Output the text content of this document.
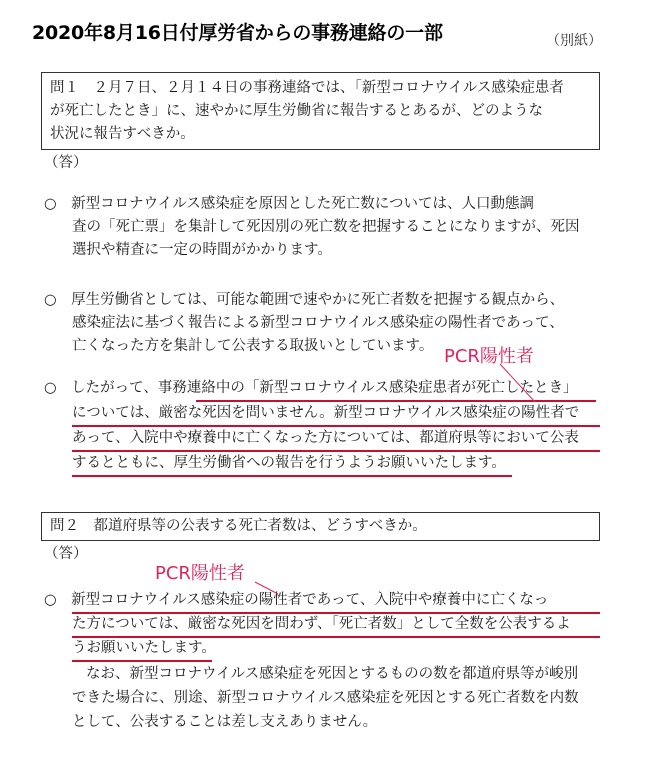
2020年8月16日付厚労省からの事務連絡の一部	（別紙）
問１　２月７日、２月１４日の事務連絡では、「新型コロナウイルス感染症患者
が死亡したとき」に、速やかに厚生労働省に報告するとあるが、どのような
状況に報告すべきか。
（答）
○　新型コロナウイルス感染症を原因とした死亡数については、人口動態調
査の「死亡票」を集計して死因別の死亡数を把握することになりますが、死因
選択や精査に一定の時間がかかります。
○　厚生労働省としては、可能な範囲で速やかに死亡者数を把握する観点から、
感染症法に基づく報告による新型コロナウイルス感染症の陽性者であって、
亡くなった方を集計して公表する取扱いとしています。 PCR陽性者
○　したがって、事務連絡中の「新型コロナウイルス感染症患者が死亡したとき」
については、厳密な死因を問いません。新型コロナウイルス感染症の陽性者で
あって、入院中や療養中に亡くなった方については、都道府県等において公表
するとともに、厚生労働省への報告を行うようお願いいたします。
問２　都道府県等の公表する死亡者数は、どうすべきか。
（答）
PCR陽性者
○　新型コロナウイルス感染症の陽性者であって、入院中や療養中に亡くなっ
た方については、厳密な死因を問わず、「死亡者数」として全数を公表するよ
うお願いいたします。
なお、新型コロナウイルス感染症を死因とするものの数を都道府県等が峻別
できた場合に、別途、新型コロナウイルス感染症を死因とする死亡者数を内数
として、公表することは差し支えありません。
